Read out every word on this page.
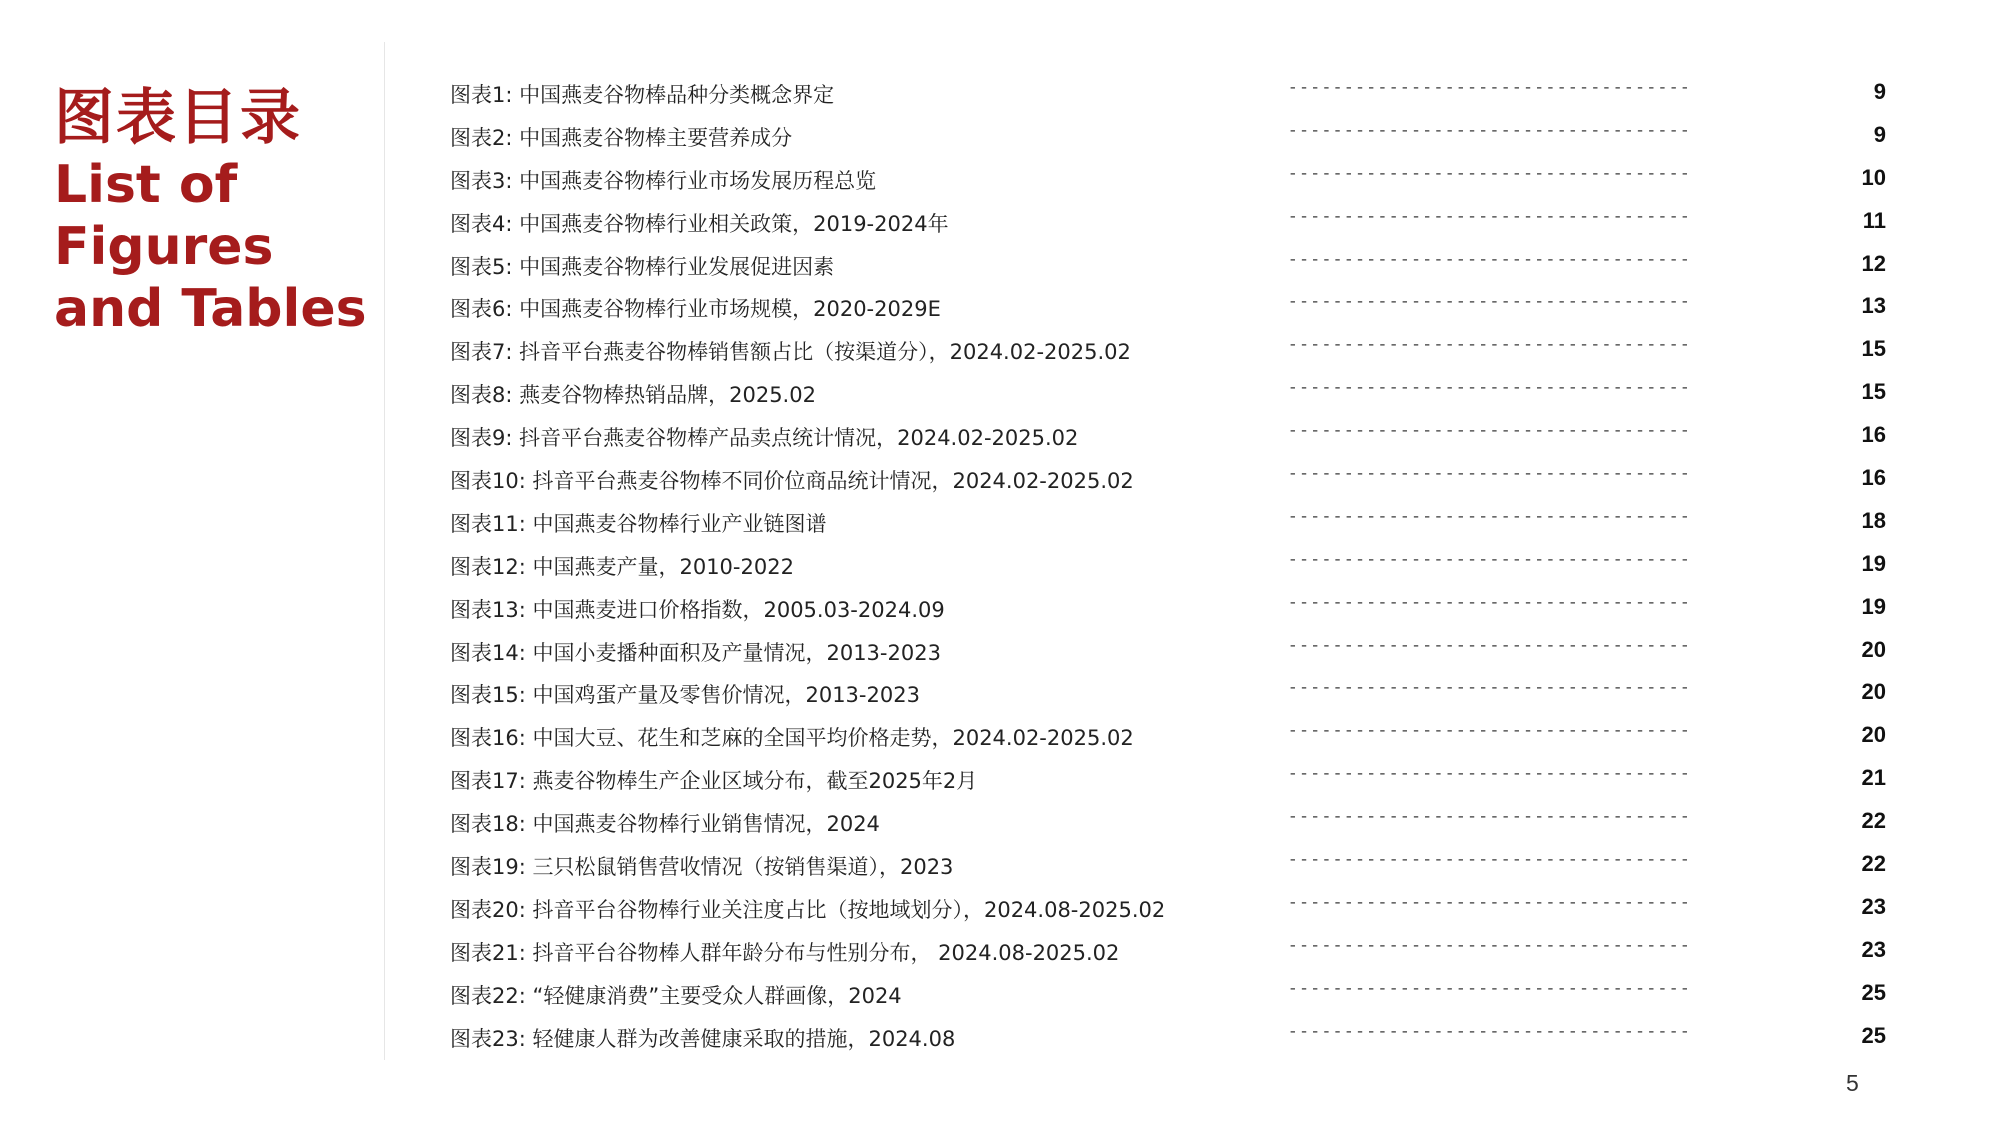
图表目录
List of
Figures
and Tables
图表1: 中国燕麦谷物棒品种分类概念界定	------------------------------------	9
图表2: 中国燕麦谷物棒主要营养成分	------------------------------------	9
图表3: 中国燕麦谷物棒行业市场发展历程总览	------------------------------------	10
图表4: 中国燕麦谷物棒行业相关政策，2019-2024年	------------------------------------	11
图表5: 中国燕麦谷物棒行业发展促进因素	------------------------------------	12
图表6: 中国燕麦谷物棒行业市场规模，2020-2029E	------------------------------------	13
图表7: 抖音平台燕麦谷物棒销售额占比（按渠道分），2024.02-2025.02	------------------------------------	15
图表8: 燕麦谷物棒热销品牌，2025.02	------------------------------------	15
图表9: 抖音平台燕麦谷物棒产品卖点统计情况，2024.02-2025.02	------------------------------------	16
图表10: 抖音平台燕麦谷物棒不同价位商品统计情况，2024.02-2025.02	------------------------------------	16
图表11: 中国燕麦谷物棒行业产业链图谱	------------------------------------	18
图表12: 中国燕麦产量，2010-2022	------------------------------------	19
图表13: 中国燕麦进口价格指数，2005.03-2024.09	------------------------------------	19
图表14: 中国小麦播种面积及产量情况，2013-2023	------------------------------------	20
图表15: 中国鸡蛋产量及零售价情况，2013-2023	------------------------------------	20
图表16: 中国大豆、花生和芝麻的全国平均价格走势，2024.02-2025.02	------------------------------------	20
图表17: 燕麦谷物棒生产企业区域分布，截至2025年2月	------------------------------------	21
图表18: 中国燕麦谷物棒行业销售情况，2024	------------------------------------	22
图表19: 三只松鼠销售营收情况（按销售渠道），2023	------------------------------------	22
图表20: 抖音平台谷物棒行业关注度占比（按地域划分），2024.08-2025.02	------------------------------------	23
图表21: 抖音平台谷物棒人群年龄分布与性别分布， 2024.08-2025.02	------------------------------------	23
图表22: “轻健康消费”主要受众人群画像，2024	------------------------------------	25
图表23: 轻健康人群为改善健康采取的措施，2024.08	------------------------------------	25
5
